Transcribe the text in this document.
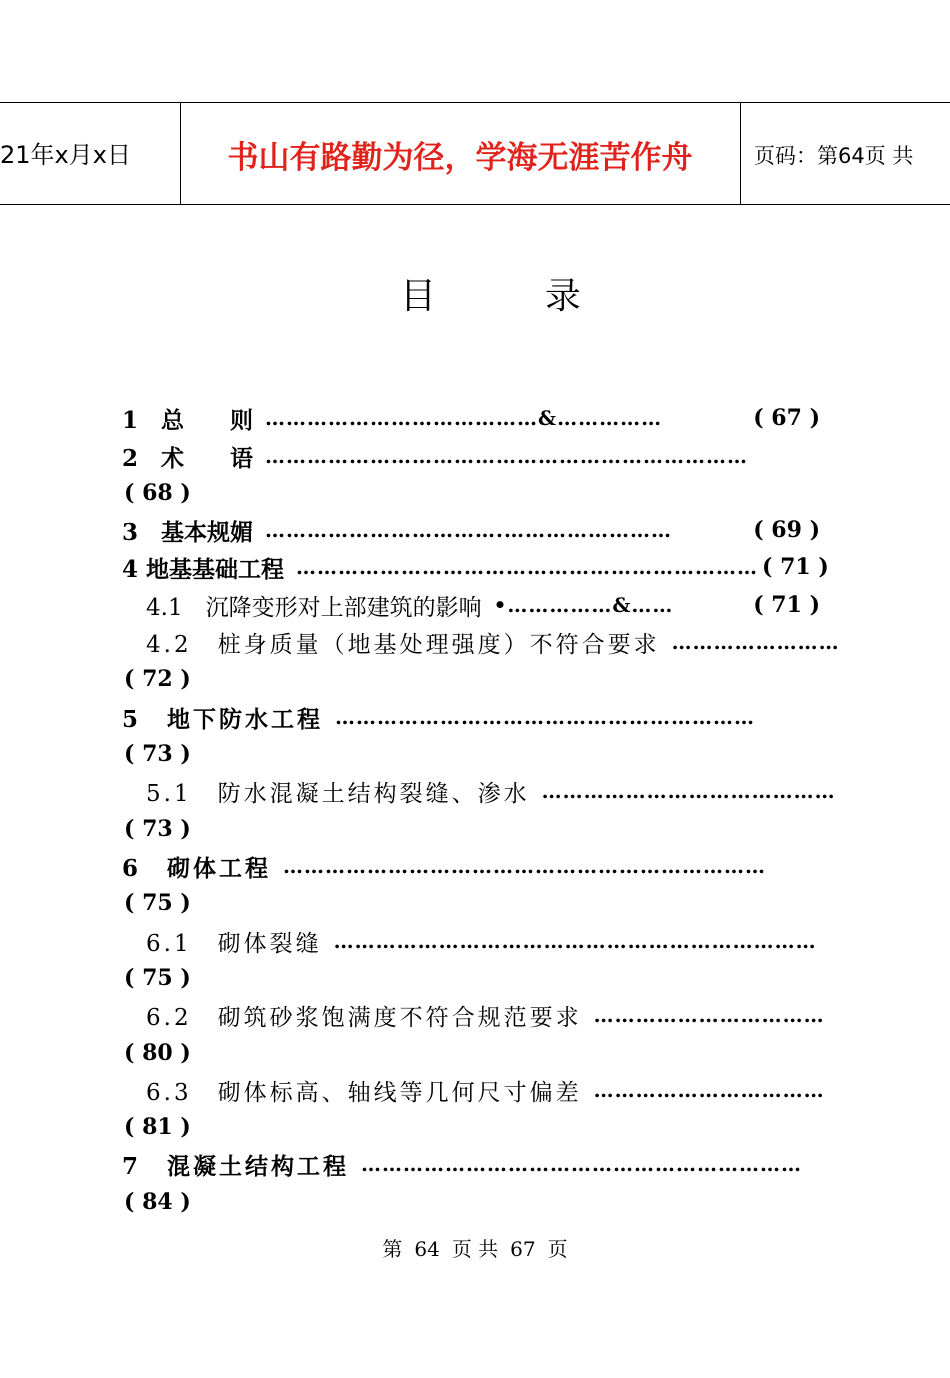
21年x月x日	书山有路勤为径，学海无涯苦作舟	页码：第64页 共
目	录
1　总　　则 …………………………………&……………	( 67 )
2　术　　语 ……………………………………………………………
( 68 )
3　基本规媚 …………………………….……………………	( 69 )
4 地基基础工程 ………………………………………………………… ( 71 )
4.1　沉降变形对上部建筑的影响 •……………&……	( 71 )
4.2　桩身质量（地基处理强度）不符合要求 ……………………
( 72 )
5　地下防水工程 ……………………………………………………
( 73 )
5.1　防水混凝土结构裂缝、渗水 ……………………………………
( 73 )
6　砌体工程 ……………………………………………………………
( 75 )
6.1　砌体裂缝 ……………………………………………………………
( 75 )
6.2　砌筑砂浆饱满度不符合规范要求 ……………………………
( 80 )
6.3　砌体标高、轴线等几何尺寸偏差 ……………………………
( 81 )
7　混凝土结构工程 ………………………………………………………
( 84 )
第 64 页 共 67 页
